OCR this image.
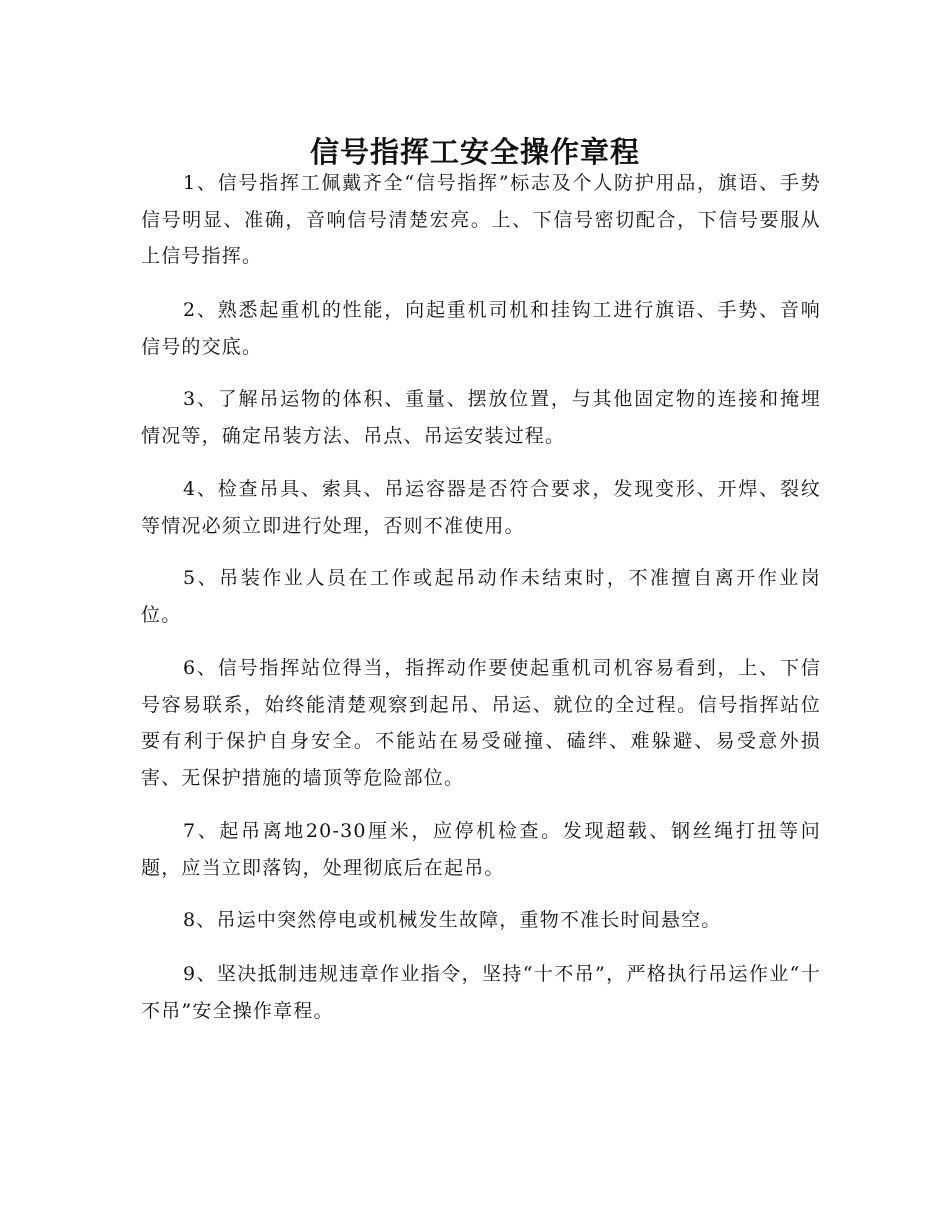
信号指挥工安全操作章程

1、信号指挥工佩戴齐全“信号指挥”标志及个人防护用品，旗语、手势信号明显、准确，音响信号清楚宏亮。上、下信号密切配合，下信号要服从上信号指挥。

2、熟悉起重机的性能，向起重机司机和挂钩工进行旗语、手势、音响信号的交底。

3、了解吊运物的体积、重量、摆放位置，与其他固定物的连接和掩埋情况等，确定吊装方法、吊点、吊运安装过程。

4、检查吊具、索具、吊运容器是否符合要求，发现变形、开焊、裂纹等情况必须立即进行处理，否则不准使用。

5、吊装作业人员在工作或起吊动作未结束时，不准擅自离开作业岗位。

6、信号指挥站位得当，指挥动作要使起重机司机容易看到，上、下信号容易联系，始终能清楚观察到起吊、吊运、就位的全过程。信号指挥站位要有利于保护自身安全。不能站在易受碰撞、磕绊、难躲避、易受意外损害、无保护措施的墙顶等危险部位。

7、起吊离地20-30厘米，应停机检查。发现超载、钢丝绳打扭等问题，应当立即落钩，处理彻底后在起吊。

8、吊运中突然停电或机械发生故障，重物不准长时间悬空。

9、坚决抵制违规违章作业指令，坚持“十不吊”，严格执行吊运作业“十不吊”安全操作章程。
